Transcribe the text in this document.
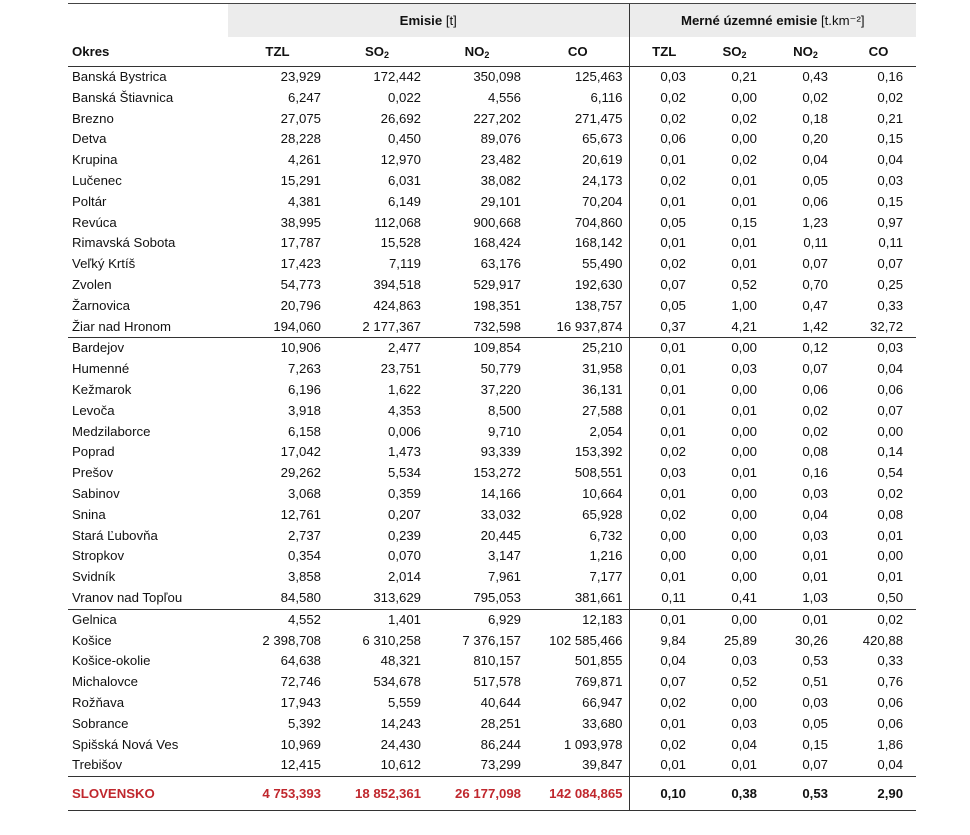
	Emisie [t]				Merné územné emisie [t.km⁻²]			
Okres	TZL	$SO_2$	$NO_2$	CO	TZL	$SO_2$	$NO_2$	CO
Banská Bystrica	23,929	172,442	350,098	125,463	0,03	0,21	0,43	0,16
Banská Štiavnica	6,247	0,022	4,556	6,116	0,02	0,00	0,02	0,02
Brezno	27,075	26,692	227,202	271,475	0,02	0,02	0,18	0,21
Detva	28,228	0,450	89,076	65,673	0,06	0,00	0,20	0,15
Krupina	4,261	12,970	23,482	20,619	0,01	0,02	0,04	0,04
Lučenec	15,291	6,031	38,082	24,173	0,02	0,01	0,05	0,03
Poltár	4,381	6,149	29,101	70,204	0,01	0,01	0,06	0,15
Revúca	38,995	112,068	900,668	704,860	0,05	0,15	1,23	0,97
Rimavská Sobota	17,787	15,528	168,424	168,142	0,01	0,01	0,11	0,11
Veľký Krtíš	17,423	7,119	63,176	55,490	0,02	0,01	0,07	0,07
Zvolen	54,773	394,518	529,917	192,630	0,07	0,52	0,70	0,25
Žarnovica	20,796	424,863	198,351	138,757	0,05	1,00	0,47	0,33
Žiar nad Hronom	194,060	2 177,367	732,598	16 937,874	0,37	4,21	1,42	32,72
Bardejov	10,906	2,477	109,854	25,210	0,01	0,00	0,12	0,03
Humenné	7,263	23,751	50,779	31,958	0,01	0,03	0,07	0,04
Kežmarok	6,196	1,622	37,220	36,131	0,01	0,00	0,06	0,06
Levoča	3,918	4,353	8,500	27,588	0,01	0,01	0,02	0,07
Medzilaborce	6,158	0,006	9,710	2,054	0,01	0,00	0,02	0,00
Poprad	17,042	1,473	93,339	153,392	0,02	0,00	0,08	0,14
Prešov	29,262	5,534	153,272	508,551	0,03	0,01	0,16	0,54
Sabinov	3,068	0,359	14,166	10,664	0,01	0,00	0,03	0,02
Snina	12,761	0,207	33,032	65,928	0,02	0,00	0,04	0,08
Stará Ľubovňa	2,737	0,239	20,445	6,732	0,00	0,00	0,03	0,01
Stropkov	0,354	0,070	3,147	1,216	0,00	0,00	0,01	0,00
Svidník	3,858	2,014	7,961	7,177	0,01	0,00	0,01	0,01
Vranov nad Topľou	84,580	313,629	795,053	381,661	0,11	0,41	1,03	0,50
Gelnica	4,552	1,401	6,929	12,183	0,01	0,00	0,01	0,02
Košice	2 398,708	6 310,258	7 376,157	102 585,466	9,84	25,89	30,26	420,88
Košice-okolie	64,638	48,321	810,157	501,855	0,04	0,03	0,53	0,33
Michalovce	72,746	534,678	517,578	769,871	0,07	0,52	0,51	0,76
Rožňava	17,943	5,559	40,644	66,947	0,02	0,00	0,03	0,06
Sobrance	5,392	14,243	28,251	33,680	0,01	0,03	0,05	0,06
Spišská Nová Ves	10,969	24,430	86,244	1 093,978	0,02	0,04	0,15	1,86
Trebišov	12,415	10,612	73,299	39,847	0,01	0,01	0,07	0,04
SLOVENSKO	4 753,393	18 852,361	26 177,098	142 084,865	0,10	0,38	0,53	2,90
